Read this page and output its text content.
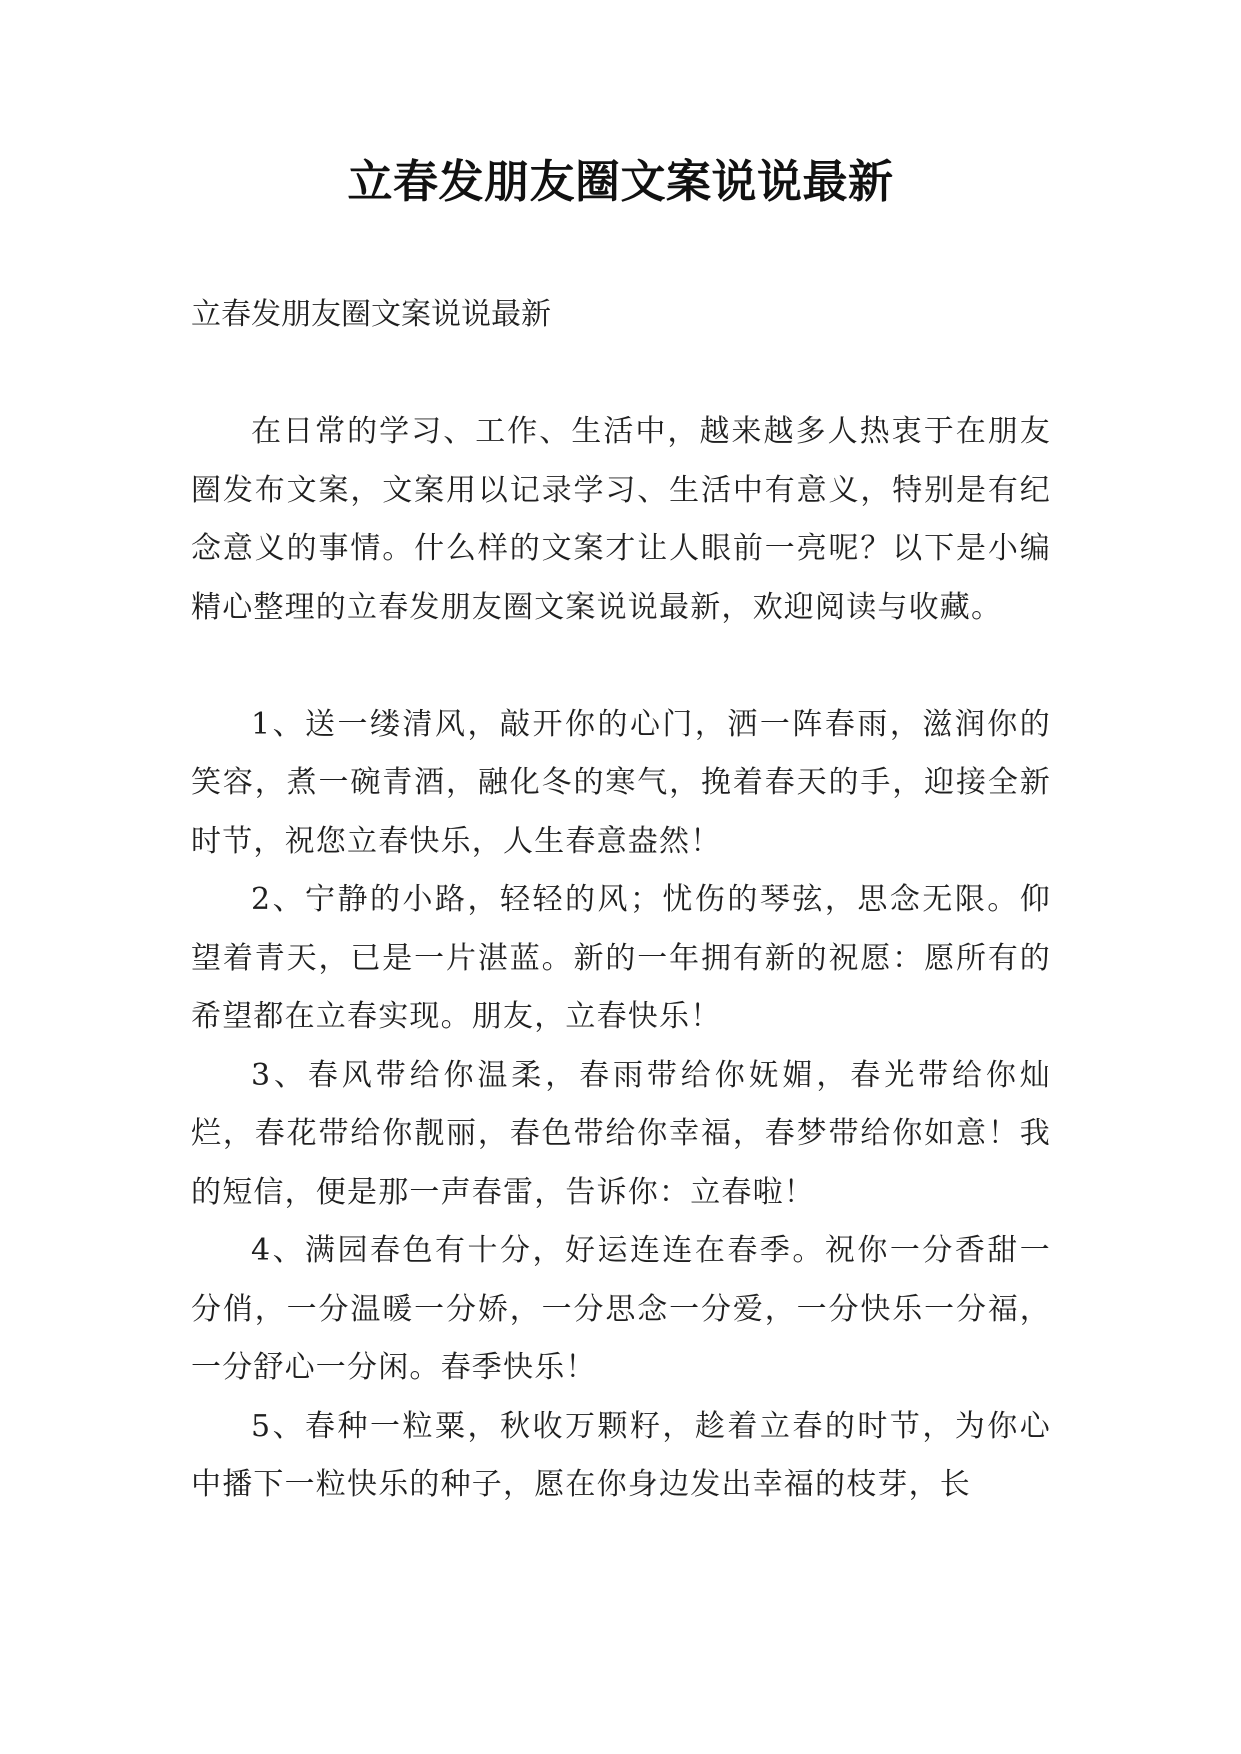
立春发朋友圈文案说说最新

立春发朋友圈文案说说最新

在日常的学习、工作、生活中，越来越多人热衷于在朋友圈发布文案，文案用以记录学习、生活中有意义，特别是有纪念意义的事情。什么样的文案才让人眼前一亮呢？以下是小编精心整理的立春发朋友圈文案说说最新，欢迎阅读与收藏。

1、送一缕清风，敲开你的心门，洒一阵春雨，滋润你的笑容，煮一碗青酒，融化冬的寒气，挽着春天的手，迎接全新时节，祝您立春快乐，人生春意盎然！

2、宁静的小路，轻轻的风；忧伤的琴弦，思念无限。仰望着青天，已是一片湛蓝。新的一年拥有新的祝愿：愿所有的希望都在立春实现。朋友，立春快乐！

3、春风带给你温柔，春雨带给你妩媚，春光带给你灿烂，春花带给你靓丽，春色带给你幸福，春梦带给你如意！我的短信，便是那一声春雷，告诉你：立春啦！

4、满园春色有十分，好运连连在春季。祝你一分香甜一分俏，一分温暖一分娇，一分思念一分爱，一分快乐一分福，一分舒心一分闲。春季快乐！

5、春种一粒粟，秋收万颗籽，趁着立春的时节，为你心中播下一粒快乐的种子，愿在你身边发出幸福的枝芽，长
